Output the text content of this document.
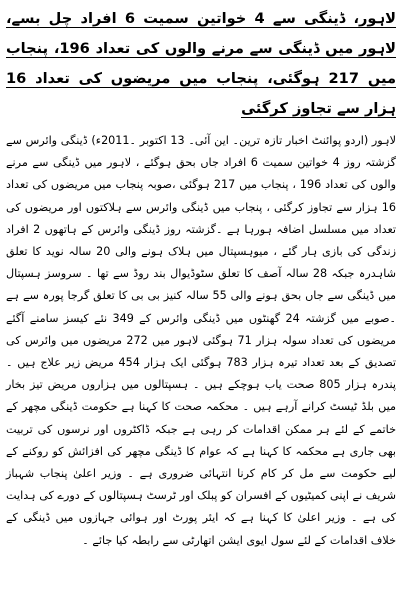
لاہور، ڈینگی سے 4 خواتین سمیت 6 افراد چل بسے، لاہور میں ڈینگی سے مرنے والوں کی تعداد 196، پنجاب میں 217 ہوگئی، پنجاب میں مریضوں کی تعداد 16 ہزار سے تجاوز کرگئی

لاہور (اردو پوائنٹ اخبار تازہ ترین۔ این آئی۔ 13 اکتوبر ۔2011ء) ڈینگی وائرس سے گزشتہ روز 4 خواتین سمیت 6 افراد جاں بحق ہوگئے ، لاہور میں ڈینگی سے مرنے والوں کی تعداد 196 ، پنجاب میں 217 ہوگئی ،صوبہ پنجاب میں مریضوں کی تعداد 16 ہزار سے تجاوز کرگئی ، پنجاب میں ڈینگی وائرس سے ہلاکتوں اور مریضوں کی تعداد میں مسلسل اضافہ ہورہا ہے ۔گزشتہ روز ڈینگی وائرس کے ہاتھوں 2 افراد زندگی کی بازی ہار گئے ، میوہسپتال میں ہلاک ہونے والی 20 سالہ نوید کا تعلق شاہدرہ جبکہ 28 سالہ آصف کا تعلق سٹوڈیوال بند روڈ سے تھا ۔ سروسز ہسپتال میں ڈینگی سے جاں بحق ہونے والی 55 سالہ کنیز بی بی کا تعلق گرجا پورہ سے ہے ۔صوبے میں گزشتہ 24 گھنٹوں میں ڈینگی وائرس کے 349 نئے کیسز سامنے آگئے مریضوں کی تعداد سولہ ہزار 71 ہوگئی لاہور میں 272 مریضوں میں وائرس کی تصدیق کے بعد تعداد تیرہ ہزار 783 ہوگئی ایک ہزار 454 مریض زیر علاج ہیں ۔ پندرہ ہزار 805 صحت یاب ہوچکے ہیں ۔ ہسپتالوں میں ہزاروں مریض تیز بخار میں بلڈ ٹیسٹ کرانے آرہے ہیں ۔ محکمہ صحت کا کہنا ہے حکومت ڈینگی مچھر کے خاتمے کے لئے ہر ممکن اقدامات کر رہی ہے جبکہ ڈاکٹروں اور نرسوں کی تربیت بھی جاری ہے محکمہ کا کہنا ہے کہ عوام کا ڈینگی مچھر کی افزائش کو روکنے کے لیے حکومت سے مل کر کام کرنا انتہائی ضروری ہے ۔ وزیر اعلیٰ پنجاب شہباز شریف نے اپنی کمیٹیوں کے افسران کو پبلک اور ٹرسٹ ہسپتالوں کے دورے کی ہدایت کی ہے ۔ وزیر اعلیٰ کا کہنا ہے کہ ایئر پورٹ اور ہوائی جہازوں میں ڈینگی کے خلاف اقدامات کے لئے سول ایوی ایشن اتھارٹی سے رابطہ کیا جائے ۔
